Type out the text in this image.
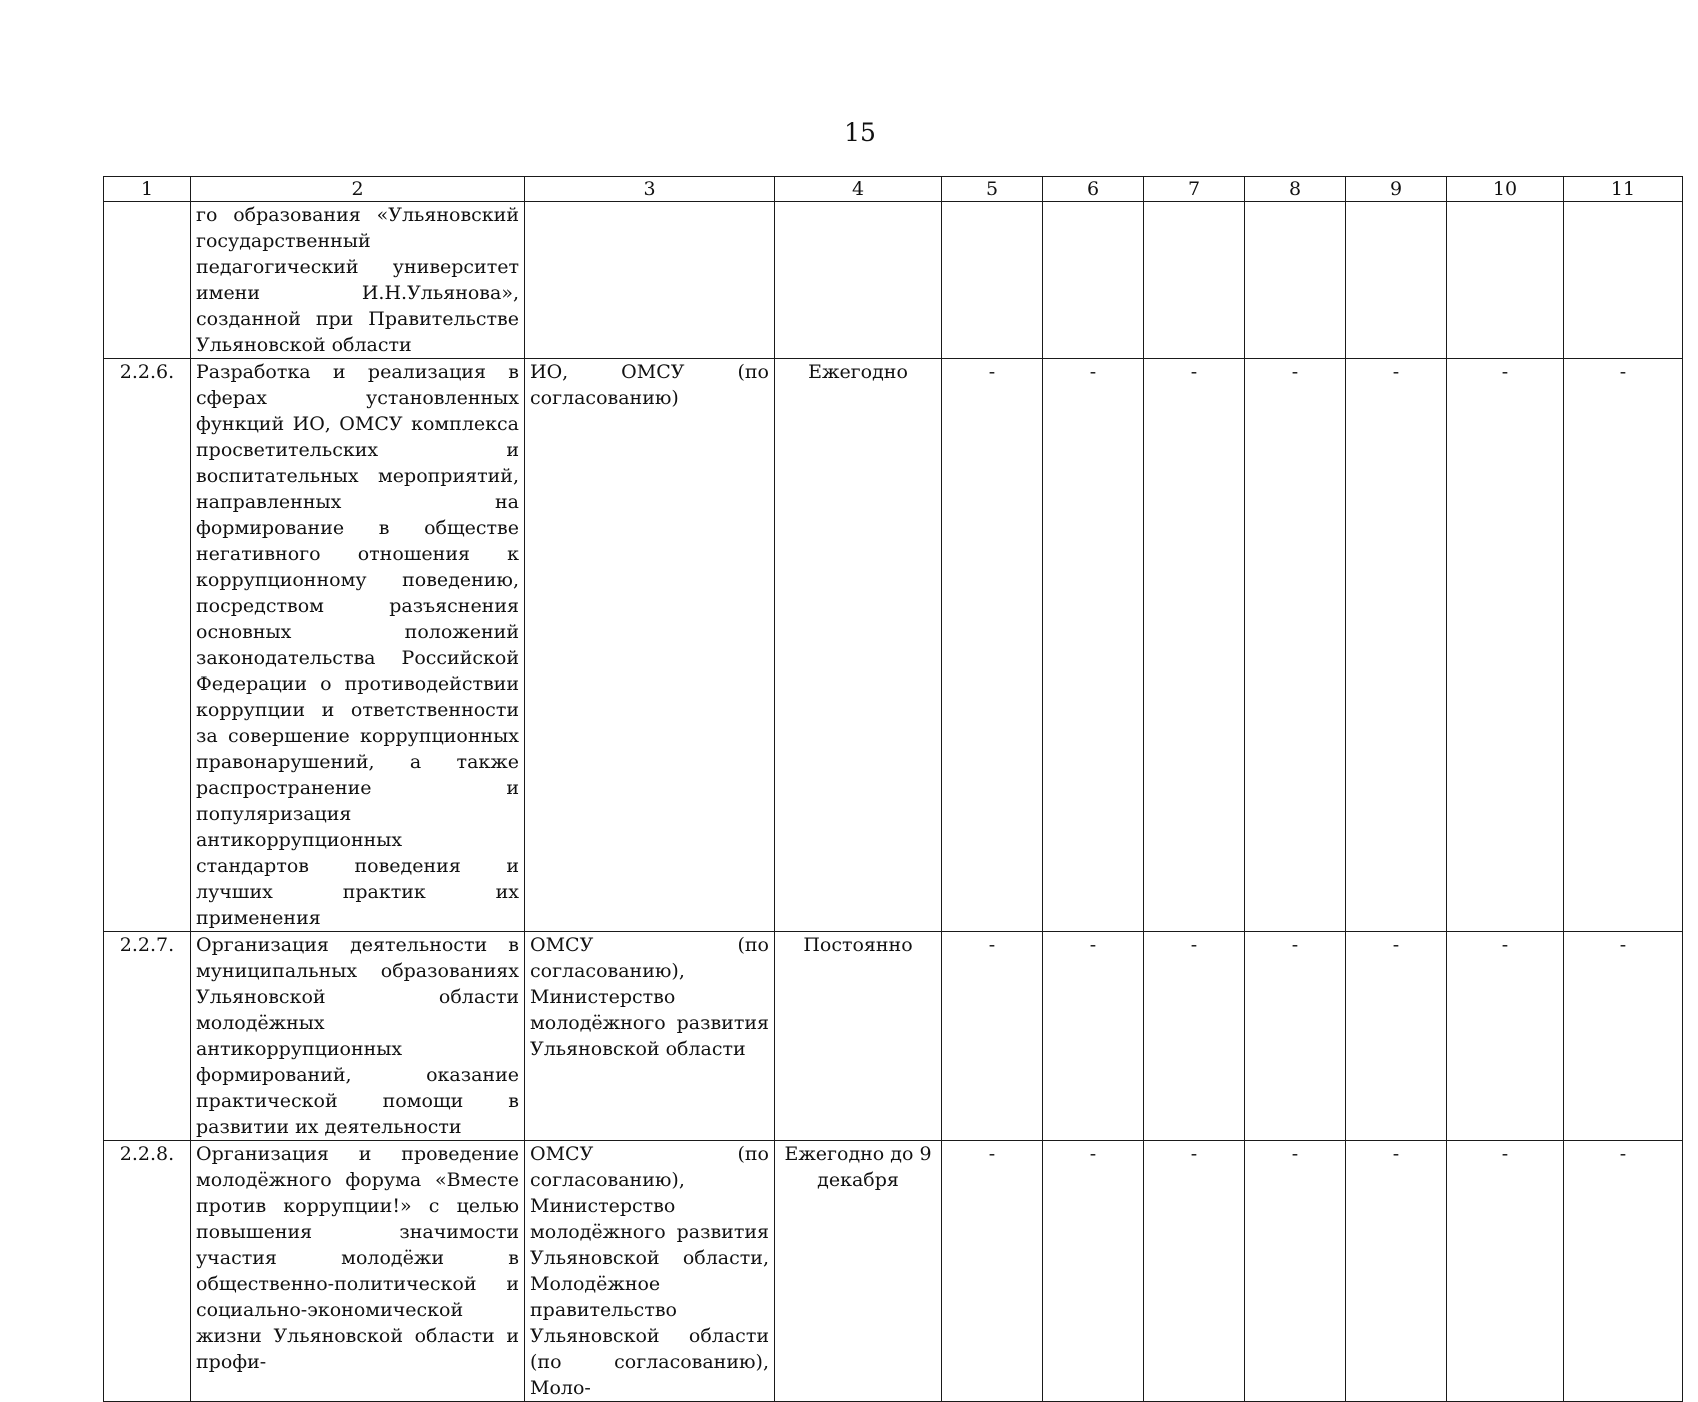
15
1	2	3	4	5	6	7	8	9	10	11
	го образования «Ульяновский государственный педагогический университет имени И.Н.Ульянова», созданной при Правительстве Ульяновской области									
2.2.6.	Разработка и реализация в сферах установленных функций ИО, ОМСУ комплекса просветительских и воспитательных мероприятий, направленных на формирование в обществе негативного отношения к коррупционному поведению, посредством разъяснения основных положений законодательства Российской Федерации о противодействии коррупции и ответственности за совершение коррупционных правонарушений, а также распространение и популяризация антикоррупционных стандартов поведения и лучших практик их применения	ИО, ОМСУ (по согласованию)	Ежегодно	-	-	-	-	-	-	-
2.2.7.	Организация деятельности в муниципальных образованиях Ульяновской области молодёжных антикоррупционных формирований, оказание практической помощи в развитии их деятельности	ОМСУ (по согласованию), Министерство молодёжного развития Ульяновской области	Постоянно	-	-	-	-	-	-	-
2.2.8.	Организация и проведение молодёжного форума «Вместе против коррупции!» с целью повышения значимости участия молодёжи в общественно-политической и социально-экономической жизни Ульяновской области и профи-	ОМСУ (по согласованию), Министерство молодёжного развития Ульяновской области, Молодёжное правительство Ульяновской области (по согласованию), Моло-	Ежегодно до 9 декабря	-	-	-	-	-	-	-
